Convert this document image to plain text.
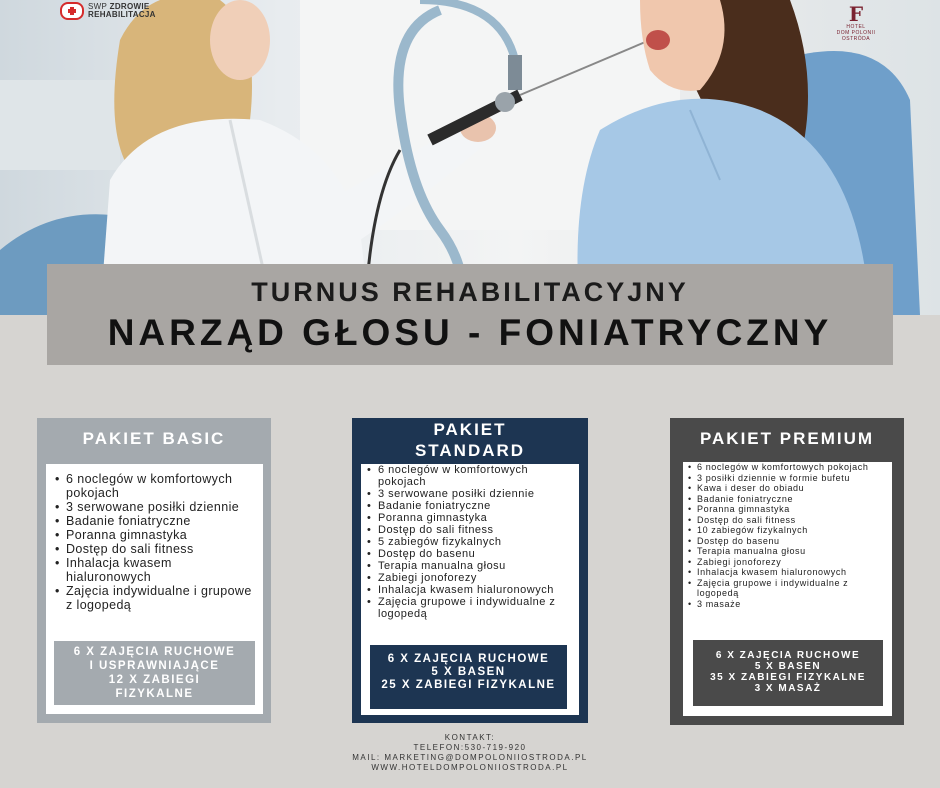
SWP ZDROWIE
REHABILITACJA	F
HOTEL
DOM POLONII
OSTRÓDA
TURNUS REHABILITACYJNY
NARZĄD GŁOSU - FONIATRYCZNY
PAKIET BASIC
• 6 noclegów w komfortowych pokojach
• 3 serwowane posiłki dziennie
• Badanie foniatryczne
• Poranna gimnastyka
• Dostęp do sali fitness
• Inhalacja kwasem hialuronowych
• Zajęcia indywidualne i grupowe z logopedą
6 X ZAJĘCIA RUCHOWE
I USPRAWNIAJĄCE
12 X ZABIEGI
FIZYKALNE
PAKIET
STANDARD
• 6 noclegów w komfortowych pokojach
• 3 serwowane posiłki dziennie
• Badanie foniatryczne
• Poranna gimnastyka
• Dostęp do sali fitness
• 5 zabiegów fizykalnych
• Dostęp do basenu
• Terapia manualna głosu
• Zabiegi jonoforezy
• Inhalacja kwasem hialuronowych
• Zajęcia grupowe i indywidualne z logopedą
6 X ZAJĘCIA RUCHOWE
5 X BASEN
25 X ZABIEGI FIZYKALNE
PAKIET PREMIUM
• 6 noclegów w komfortowych pokojach
• 3 posiłki dziennie w formie bufetu
• Kawa i deser do obiadu
• Badanie foniatryczne
• Poranna gimnastyka
• Dostęp do sali fitness
• 10 zabiegów fizykalnych
• Dostęp do basenu
• Terapia manualna głosu
• Zabiegi jonoforezy
• Inhalacja kwasem hialuronowych
• Zajęcia grupowe i indywidualne z logopedą
• 3 masaże
6 X ZAJĘCIA RUCHOWE
5 X BASEN
35 X ZABIEGI FIZYKALNE
3 X MASAŻ
KONTAKT:
TELEFON:530-719-920
MAIL: MARKETING@DOMPOLONIIOSTRODA.PL
WWW.HOTELDOMPOLONIIOSTRODA.PL
